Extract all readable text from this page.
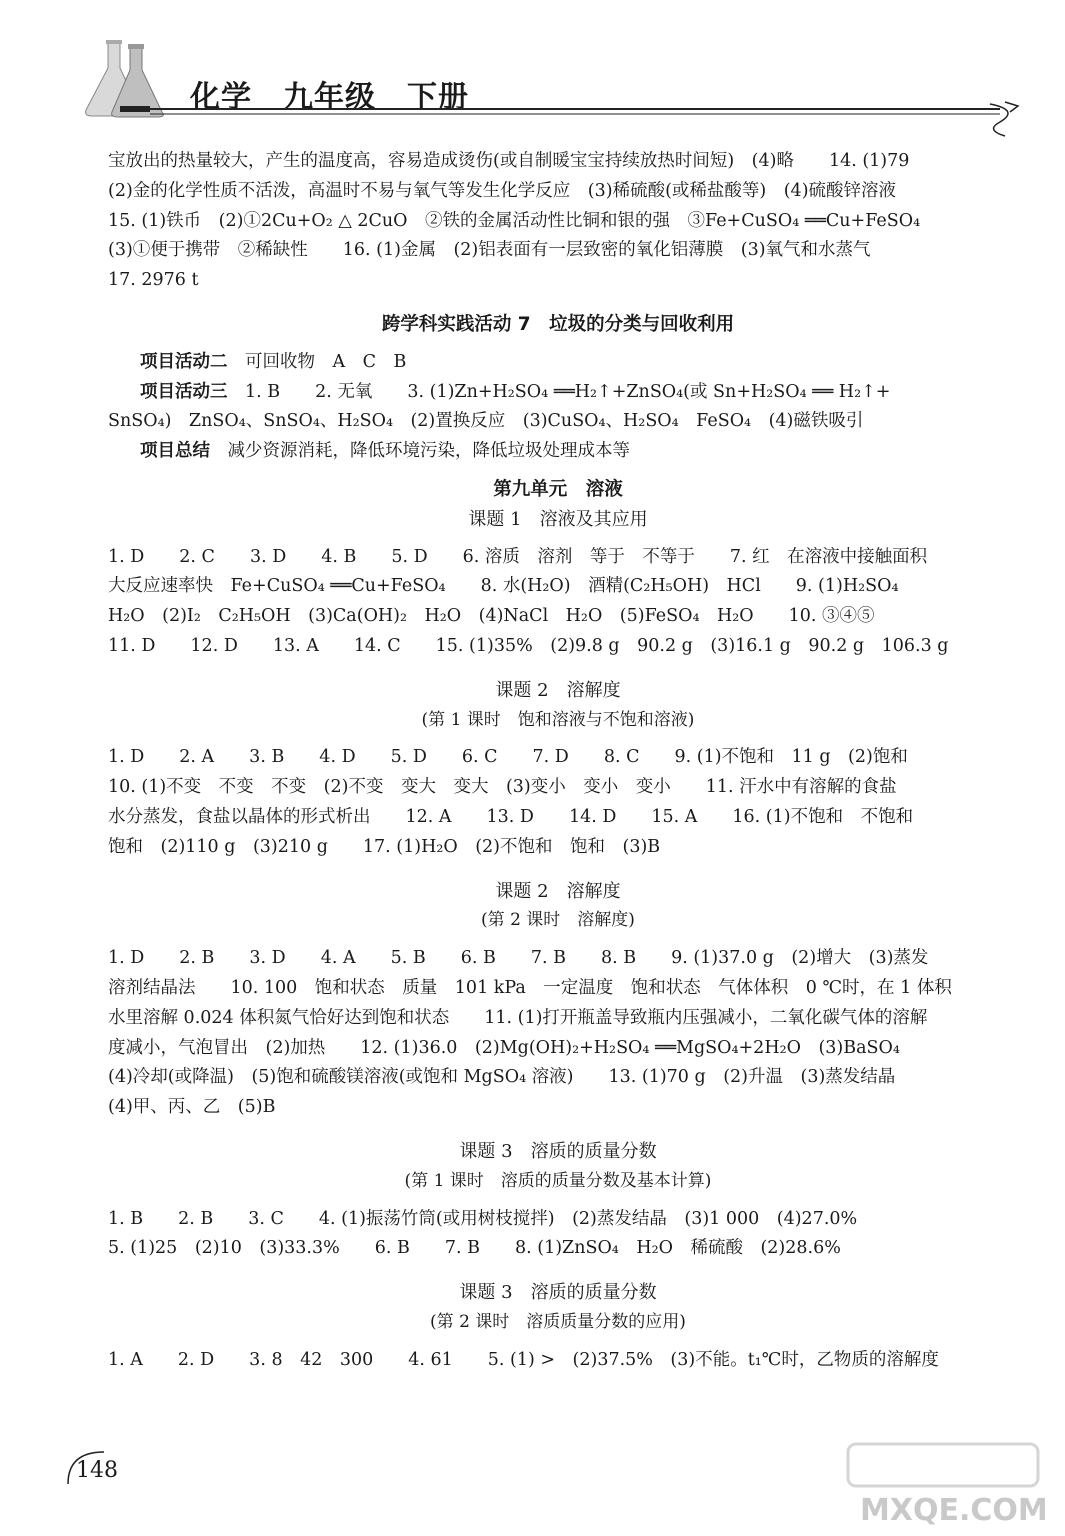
化学　九年级　下册

宝放出的热量较大，产生的温度高，容易造成烫伤(或自制暖宝宝持续放热时间短)　(4)略　　14. (1)79

(2)金的化学性质不活泼，高温时不易与氧气等发生化学反应　(3)稀硫酸(或稀盐酸等)　(4)硫酸锌溶液

15. (1)铁币　(2)①2Cu+O₂ △ 2CuO　②铁的金属活动性比铜和银的强　③Fe+CuSO₄ ══Cu+FeSO₄

(3)①便于携带　②稀缺性　　16. (1)金属　(2)铝表面有一层致密的氧化铝薄膜　(3)氧气和水蒸气

17. 2976 t

跨学科实践活动 7　垃圾的分类与回收利用

项目活动二　可回收物　A　C　B

项目活动三　1. B　　2. 无氧　　3. (1)Zn+H₂SO₄ ══H₂↑+ZnSO₄(或 Sn+H₂SO₄ ══ H₂↑+

SnSO₄)　ZnSO₄、SnSO₄、H₂SO₄　(2)置换反应　(3)CuSO₄、H₂SO₄　FeSO₄　(4)磁铁吸引

项目总结　减少资源消耗，降低环境污染，降低垃圾处理成本等

第九单元　溶液

课题 1　溶液及其应用

1. D　　2. C　　3. D　　4. B　　5. D　　6. 溶质　溶剂　等于　不等于　　7. 红　在溶液中接触面积

大反应速率快　Fe+CuSO₄ ══Cu+FeSO₄　　8. 水(H₂O)　酒精(C₂H₅OH)　HCl　　9. (1)H₂SO₄

H₂O　(2)I₂　C₂H₅OH　(3)Ca(OH)₂　H₂O　(4)NaCl　H₂O　(5)FeSO₄　H₂O　　10. ③④⑤

11. D　　12. D　　13. A　　14. C　　15. (1)35%　(2)9.8 g　90.2 g　(3)16.1 g　90.2 g　106.3 g

课题 2　溶解度

(第 1 课时　饱和溶液与不饱和溶液)

1. D　　2. A　　3. B　　4. D　　5. D　　6. C　　7. D　　8. C　　9. (1)不饱和　11 g　(2)饱和

10. (1)不变　不变　不变　(2)不变　变大　变大　(3)变小　变小　变小　　11. 汗水中有溶解的食盐

水分蒸发，食盐以晶体的形式析出　　12. A　　13. D　　14. D　　15. A　　16. (1)不饱和　不饱和

饱和　(2)110 g　(3)210 g　　17. (1)H₂O　(2)不饱和　饱和　(3)B

课题 2　溶解度

(第 2 课时　溶解度)

1. D　　2. B　　3. D　　4. A　　5. B　　6. B　　7. B　　8. B　　9. (1)37.0 g　(2)增大　(3)蒸发

溶剂结晶法　　10. 100　饱和状态　质量　101 kPa　一定温度　饱和状态　气体体积　0 ℃时，在 1 体积

水里溶解 0.024 体积氮气恰好达到饱和状态　　11. (1)打开瓶盖导致瓶内压强减小，二氧化碳气体的溶解

度减小，气泡冒出　(2)加热　　12. (1)36.0　(2)Mg(OH)₂+H₂SO₄ ══MgSO₄+2H₂O　(3)BaSO₄

(4)冷却(或降温)　(5)饱和硫酸镁溶液(或饱和 MgSO₄ 溶液)　　13. (1)70 g　(2)升温　(3)蒸发结晶

(4)甲、丙、乙　(5)B

课题 3　溶质的质量分数

(第 1 课时　溶质的质量分数及基本计算)

1. B　　2. B　　3. C　　4. (1)振荡竹筒(或用树枝搅拌)　(2)蒸发结晶　(3)1 000　(4)27.0%

5. (1)25　(2)10　(3)33.3%　　6. B　　7. B　　8. (1)ZnSO₄　H₂O　稀硫酸　(2)28.6%

课题 3　溶质的质量分数

(第 2 课时　溶质质量分数的应用)

1. A　　2. D　　3. 8　42　300　　4. 61　　5. (1) >　(2)37.5%　(3)不能。t₁℃时，乙物质的溶解度

148
MXQE.COM
